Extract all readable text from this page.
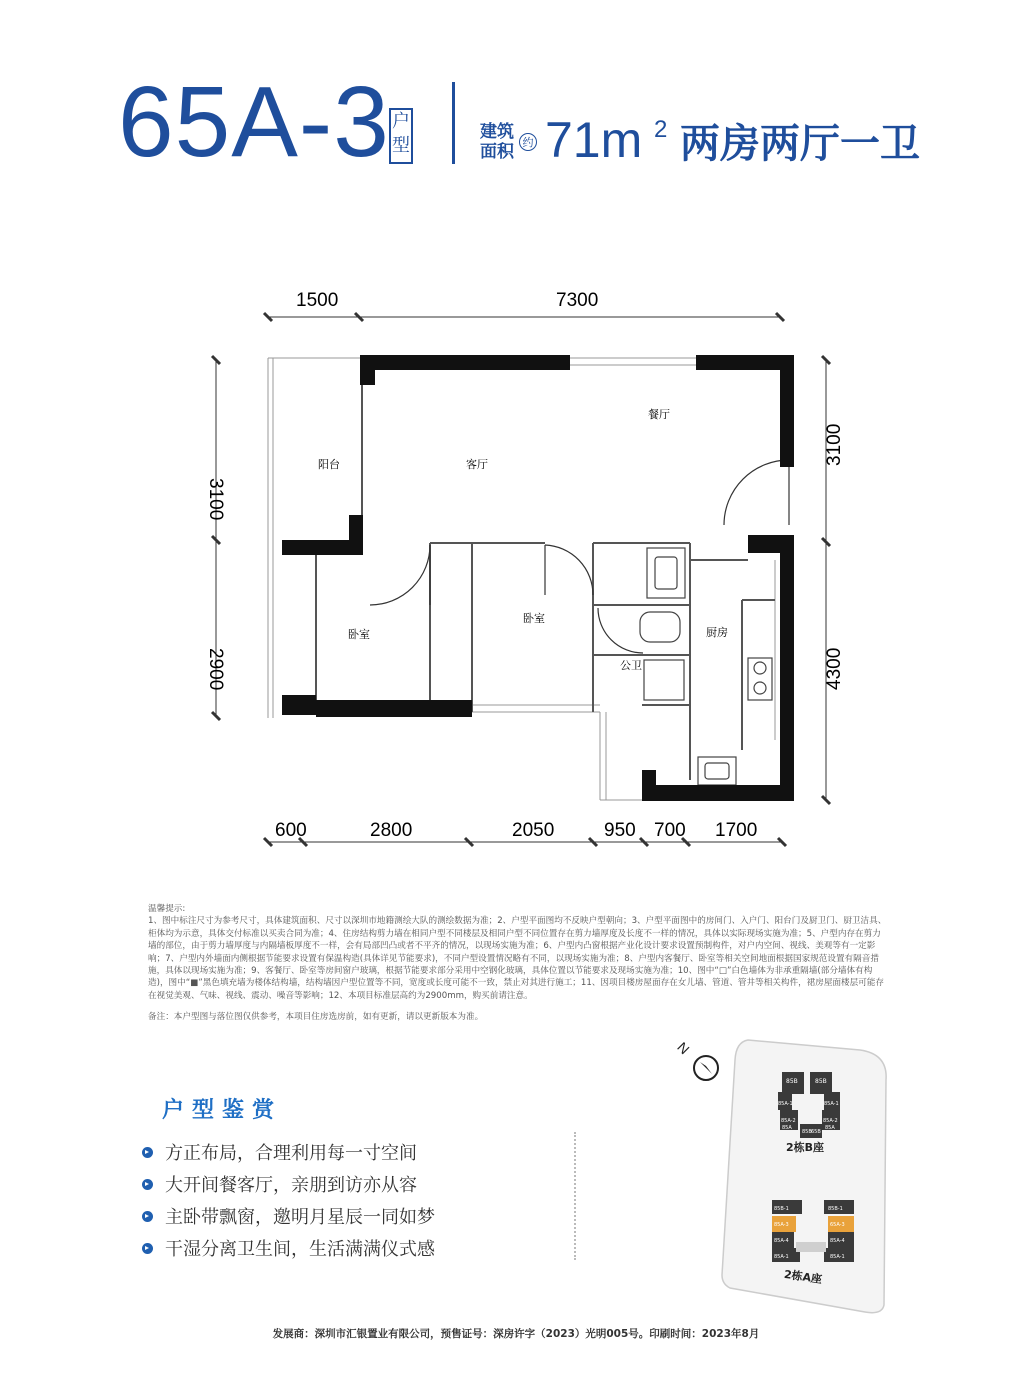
65A-3 户型
建筑
面积 约 71m 2 两房两厅一卫
阳台	客厅
餐厅
卧室
卧室
公卫
厨房
1500	7300
600	2800	2050	950 700 1700
3100
2900
3100
4300

温馨提示:

1、图中标注尺寸为参考尺寸，具体建筑面积、尺寸以深圳市地籍测绘大队的测绘数据为准；2、户型平面图均不反映户型朝向；3、户型平面图中的房间门、入户门、阳台门及厨卫门、厨卫洁具、柜体均为示意，具体交付标准以买卖合同为准；4、住房结构剪力墙在相同户型不同楼层及相同户型不同位置存在剪力墙厚度及长度不一样的情况，具体以实际现场实施为准；5、户型内存在剪力墙的部位，由于剪力墙厚度与内隔墙板厚度不一样，会有局部凹凸或者不平齐的情况，以现场实施为准；6、户型内凸窗根据产业化设计要求设置预制构件，对户内空间、视线、美观等有一定影响；7、户型内外墙面内侧根据节能要求设置有保温构造(具体详见节能要求)，不同户型设置情况略有不同，以现场实施为准；8、户型内客餐厅、卧室等相关空间地面根据国家规范设置有隔音措施，具体以现场实施为准；9、客餐厅、卧室等房间窗户玻璃，根据节能要求部分采用中空钢化玻璃，具体位置以节能要求及现场实施为准；10、图中“□”白色墙体为非承重隔墙(部分墙体有构造)，图中“■”黑色填充墙为楼体结构墙，结构墙因户型位置等不同，宽度或长度可能不一致，禁止对其进行施工；11、因项目楼房屋面存在女儿墙、管道、管井等相关构件，裙房屋面楼层可能存在视觉美观、气味、视线、震动、噪音等影响；12、本项目标准层高约为2900mm，购买前请注意。

备注：本户型图与落位图仅供参考，本项目住房选房前，如有更新，请以更新版本为准。
户型鉴赏
方正布局，合理利用每一寸空间
大开间餐客厅，亲朋到访亦从容
主卧带飘窗，邀明月星辰一同如梦
干湿分离卫生间，生活满满仪式感
N
85B	85B
85A-1	85A-1
85A-2	85A-2
85A	85A
85B 65B
2栋B座
85B-1	85B-1
85A-3	65A-3
85A-4	85A-4
85A-1	85A-1
2栋A座
发展商：深圳市汇银置业有限公司，预售证号：深房许字（2023）光明005号。印刷时间：2023年8月
